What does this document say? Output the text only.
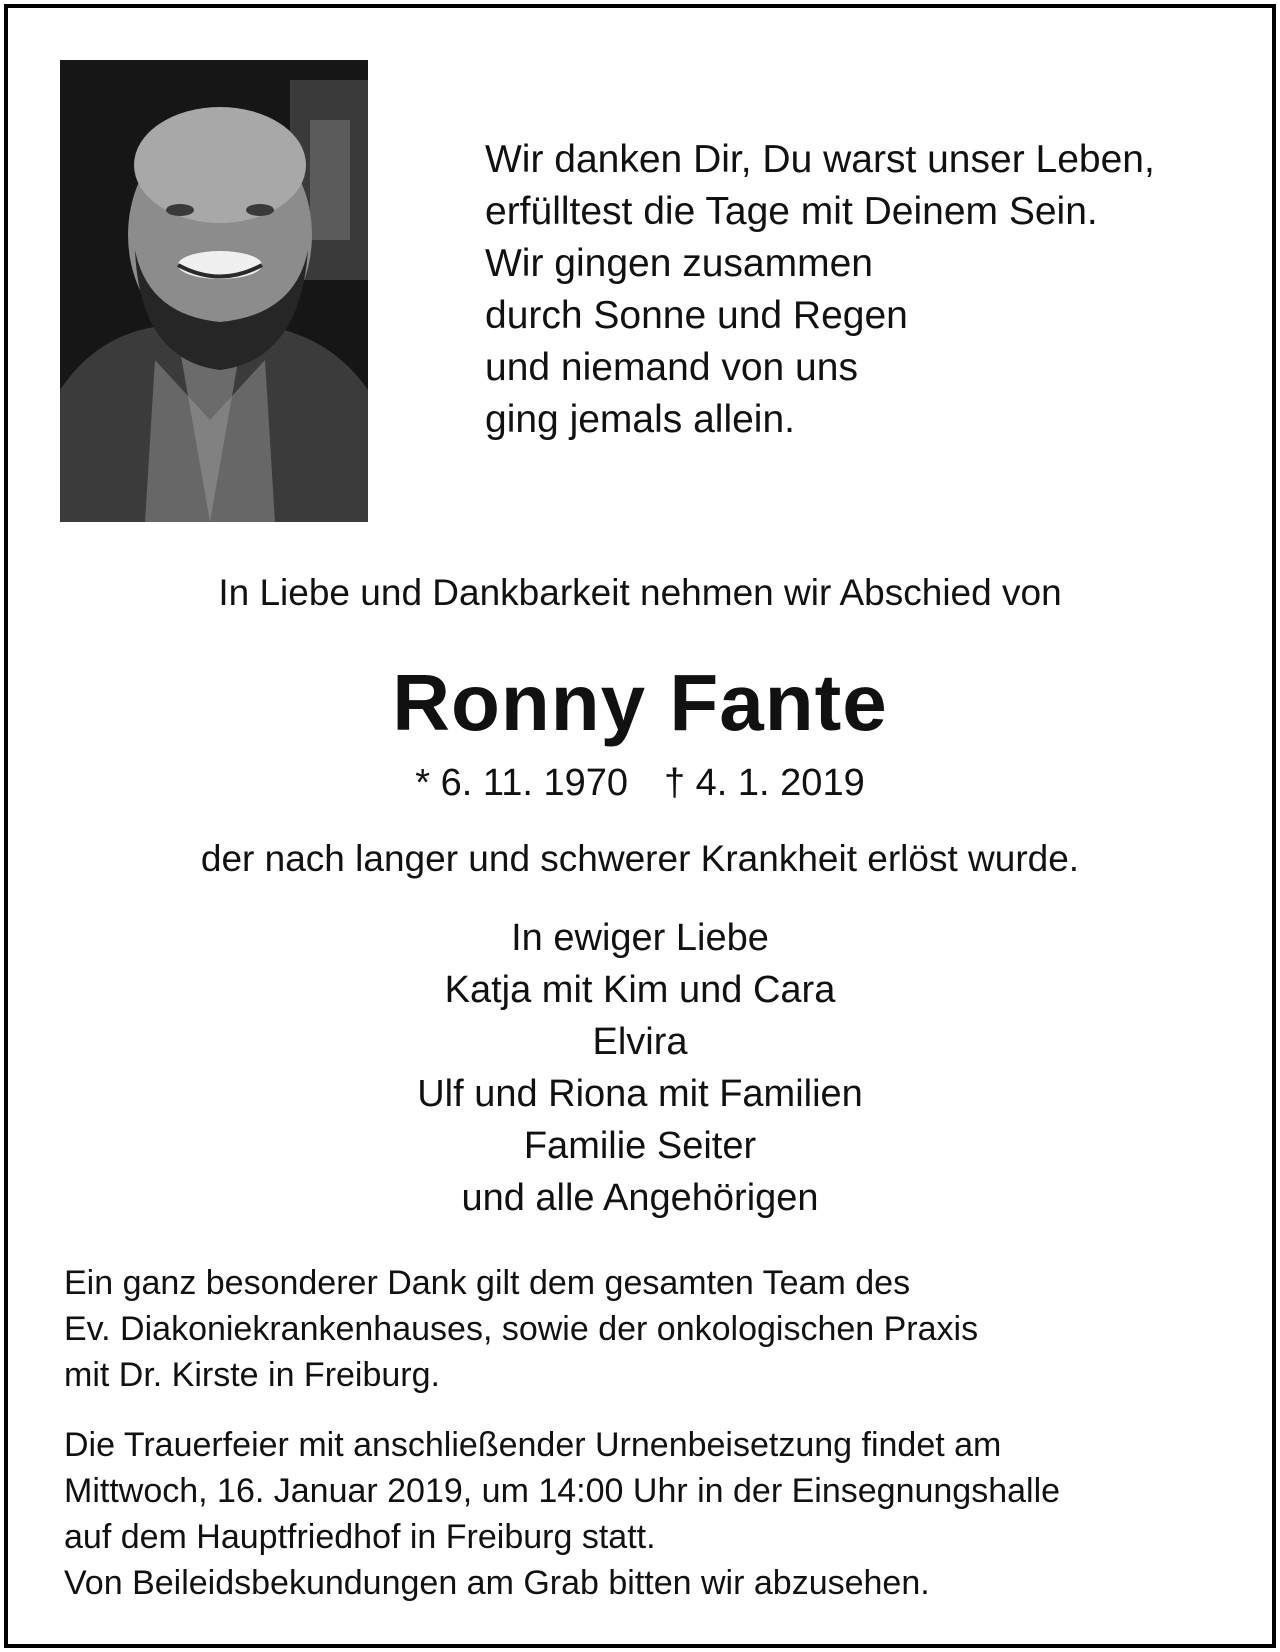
Wir danken Dir, Du warst unser Leben,
erfülltest die Tage mit Deinem Sein.
Wir gingen zusammen
durch Sonne und Regen
und niemand von uns
ging jemals allein.
In Liebe und Dankbarkeit nehmen wir Abschied von
Ronny Fante
* 6. 11. 1970 † 4. 1. 2019
der nach langer und schwerer Krankheit erlöst wurde.
In ewiger Liebe
Katja mit Kim und Cara
Elvira
Ulf und Riona mit Familien
Familie Seiter
und alle Angehörigen
Ein ganz besonderer Dank gilt dem gesamten Team des
Ev. Diakoniekrankenhauses, sowie der onkologischen Praxis
mit Dr. Kirste in Freiburg.
Die Trauerfeier mit anschließender Urnenbeisetzung findet am
Mittwoch, 16. Januar 2019, um 14:00 Uhr in der Einsegnungshalle
auf dem Hauptfriedhof in Freiburg statt.
Von Beileidsbekundungen am Grab bitten wir abzusehen.
